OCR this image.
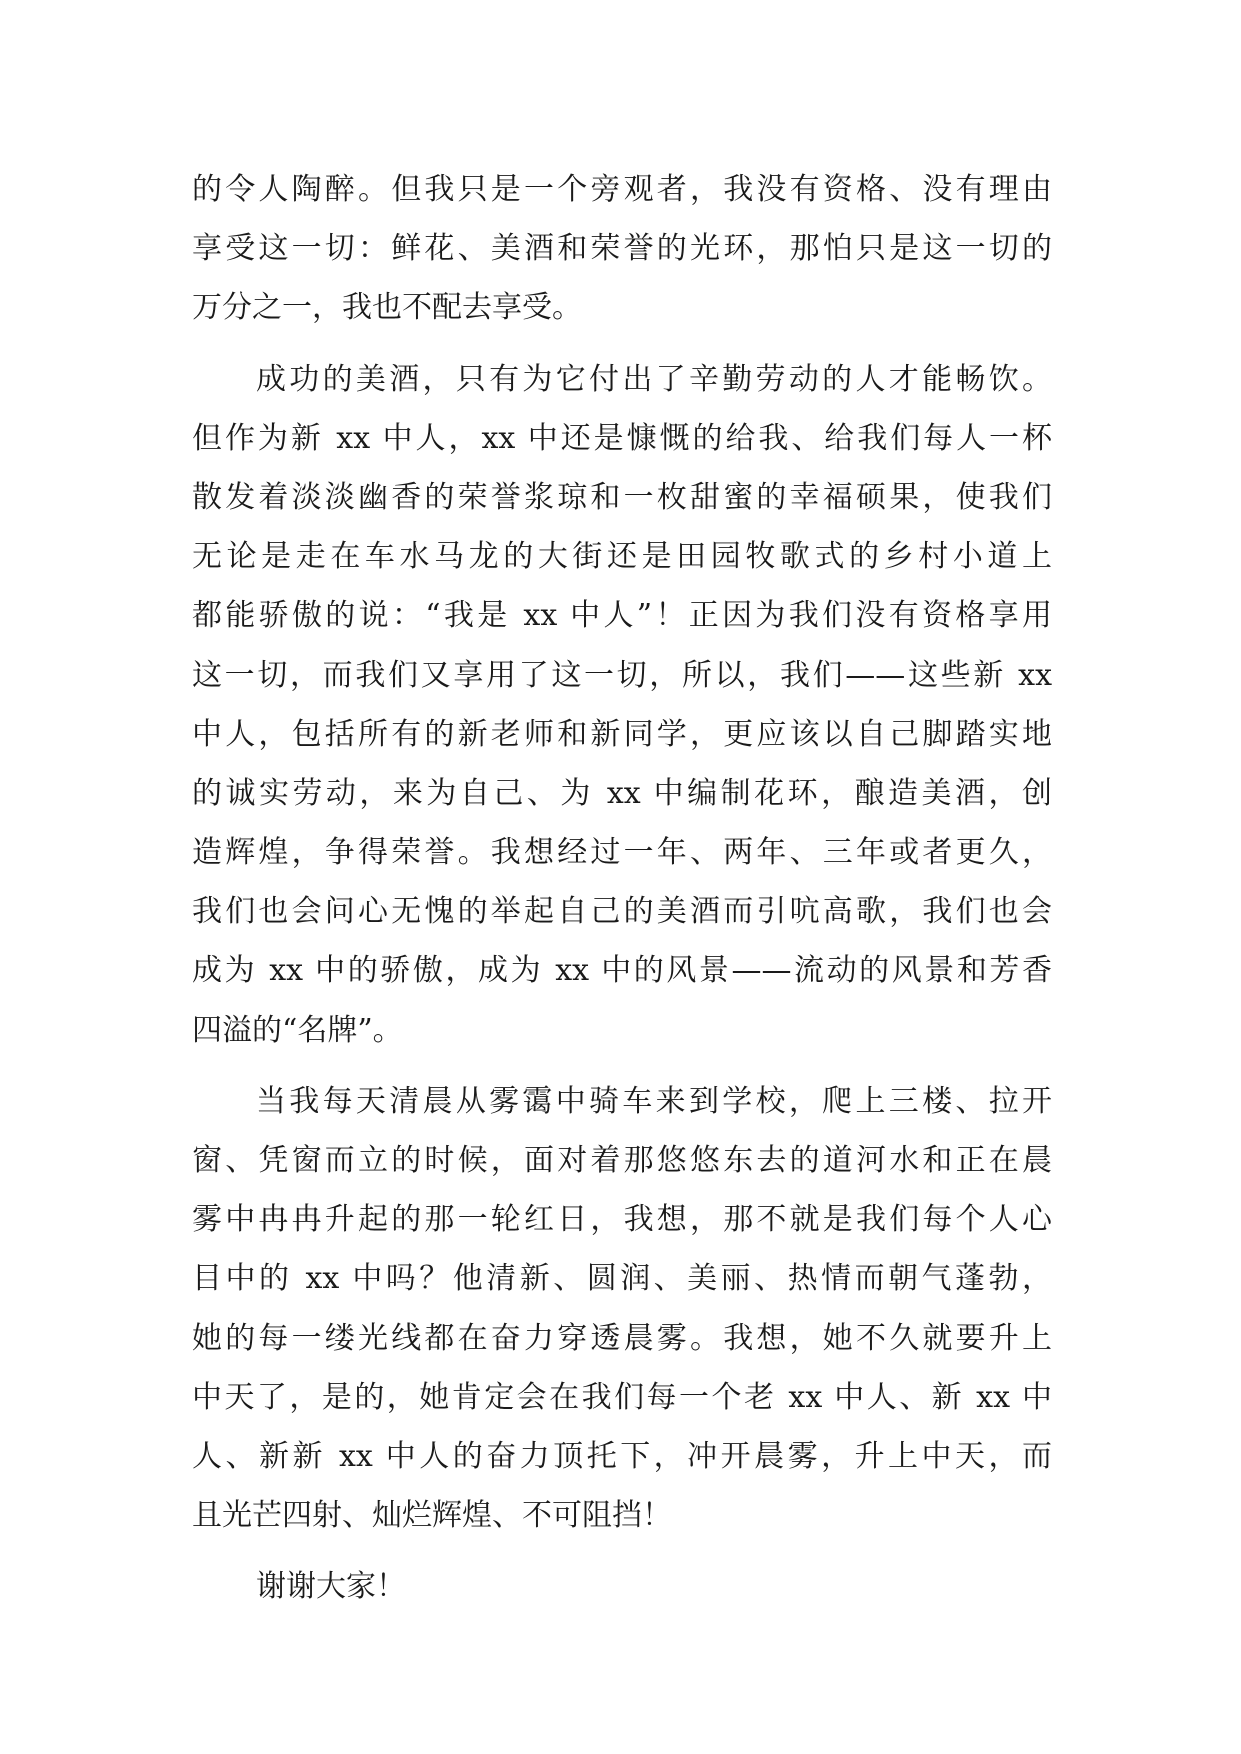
的令人陶醉。但我只是一个旁观者，我没有资格、没有理由
享受这一切：鲜花、美酒和荣誉的光环，那怕只是这一切的
万分之一，我也不配去享受。
成功的美酒，只有为它付出了辛勤劳动的人才能畅饮。
但作为新 xx 中人，xx 中还是慷慨的给我、给我们每人一杯
散发着淡淡幽香的荣誉浆琼和一枚甜蜜的幸福硕果，使我们
无论是走在车水马龙的大街还是田园牧歌式的乡村小道上
都能骄傲的说：“我是 xx 中人”！正因为我们没有资格享用
这一切，而我们又享用了这一切，所以，我们——这些新 xx
中人，包括所有的新老师和新同学，更应该以自己脚踏实地
的诚实劳动，来为自己、为 xx 中编制花环，酿造美酒，创
造辉煌，争得荣誉。我想经过一年、两年、三年或者更久，
我们也会问心无愧的举起自己的美酒而引吭高歌，我们也会
成为 xx 中的骄傲，成为 xx 中的风景——流动的风景和芳香
四溢的“名牌”。
当我每天清晨从雾霭中骑车来到学校，爬上三楼、拉开
窗、凭窗而立的时候，面对着那悠悠东去的道河水和正在晨
雾中冉冉升起的那一轮红日，我想，那不就是我们每个人心
目中的 xx 中吗？他清新、圆润、美丽、热情而朝气蓬勃，
她的每一缕光线都在奋力穿透晨雾。我想，她不久就要升上
中天了，是的，她肯定会在我们每一个老 xx 中人、新 xx 中
人、新新 xx 中人的奋力顶托下，冲开晨雾，升上中天，而
且光芒四射、灿烂辉煌、不可阻挡！
谢谢大家！
